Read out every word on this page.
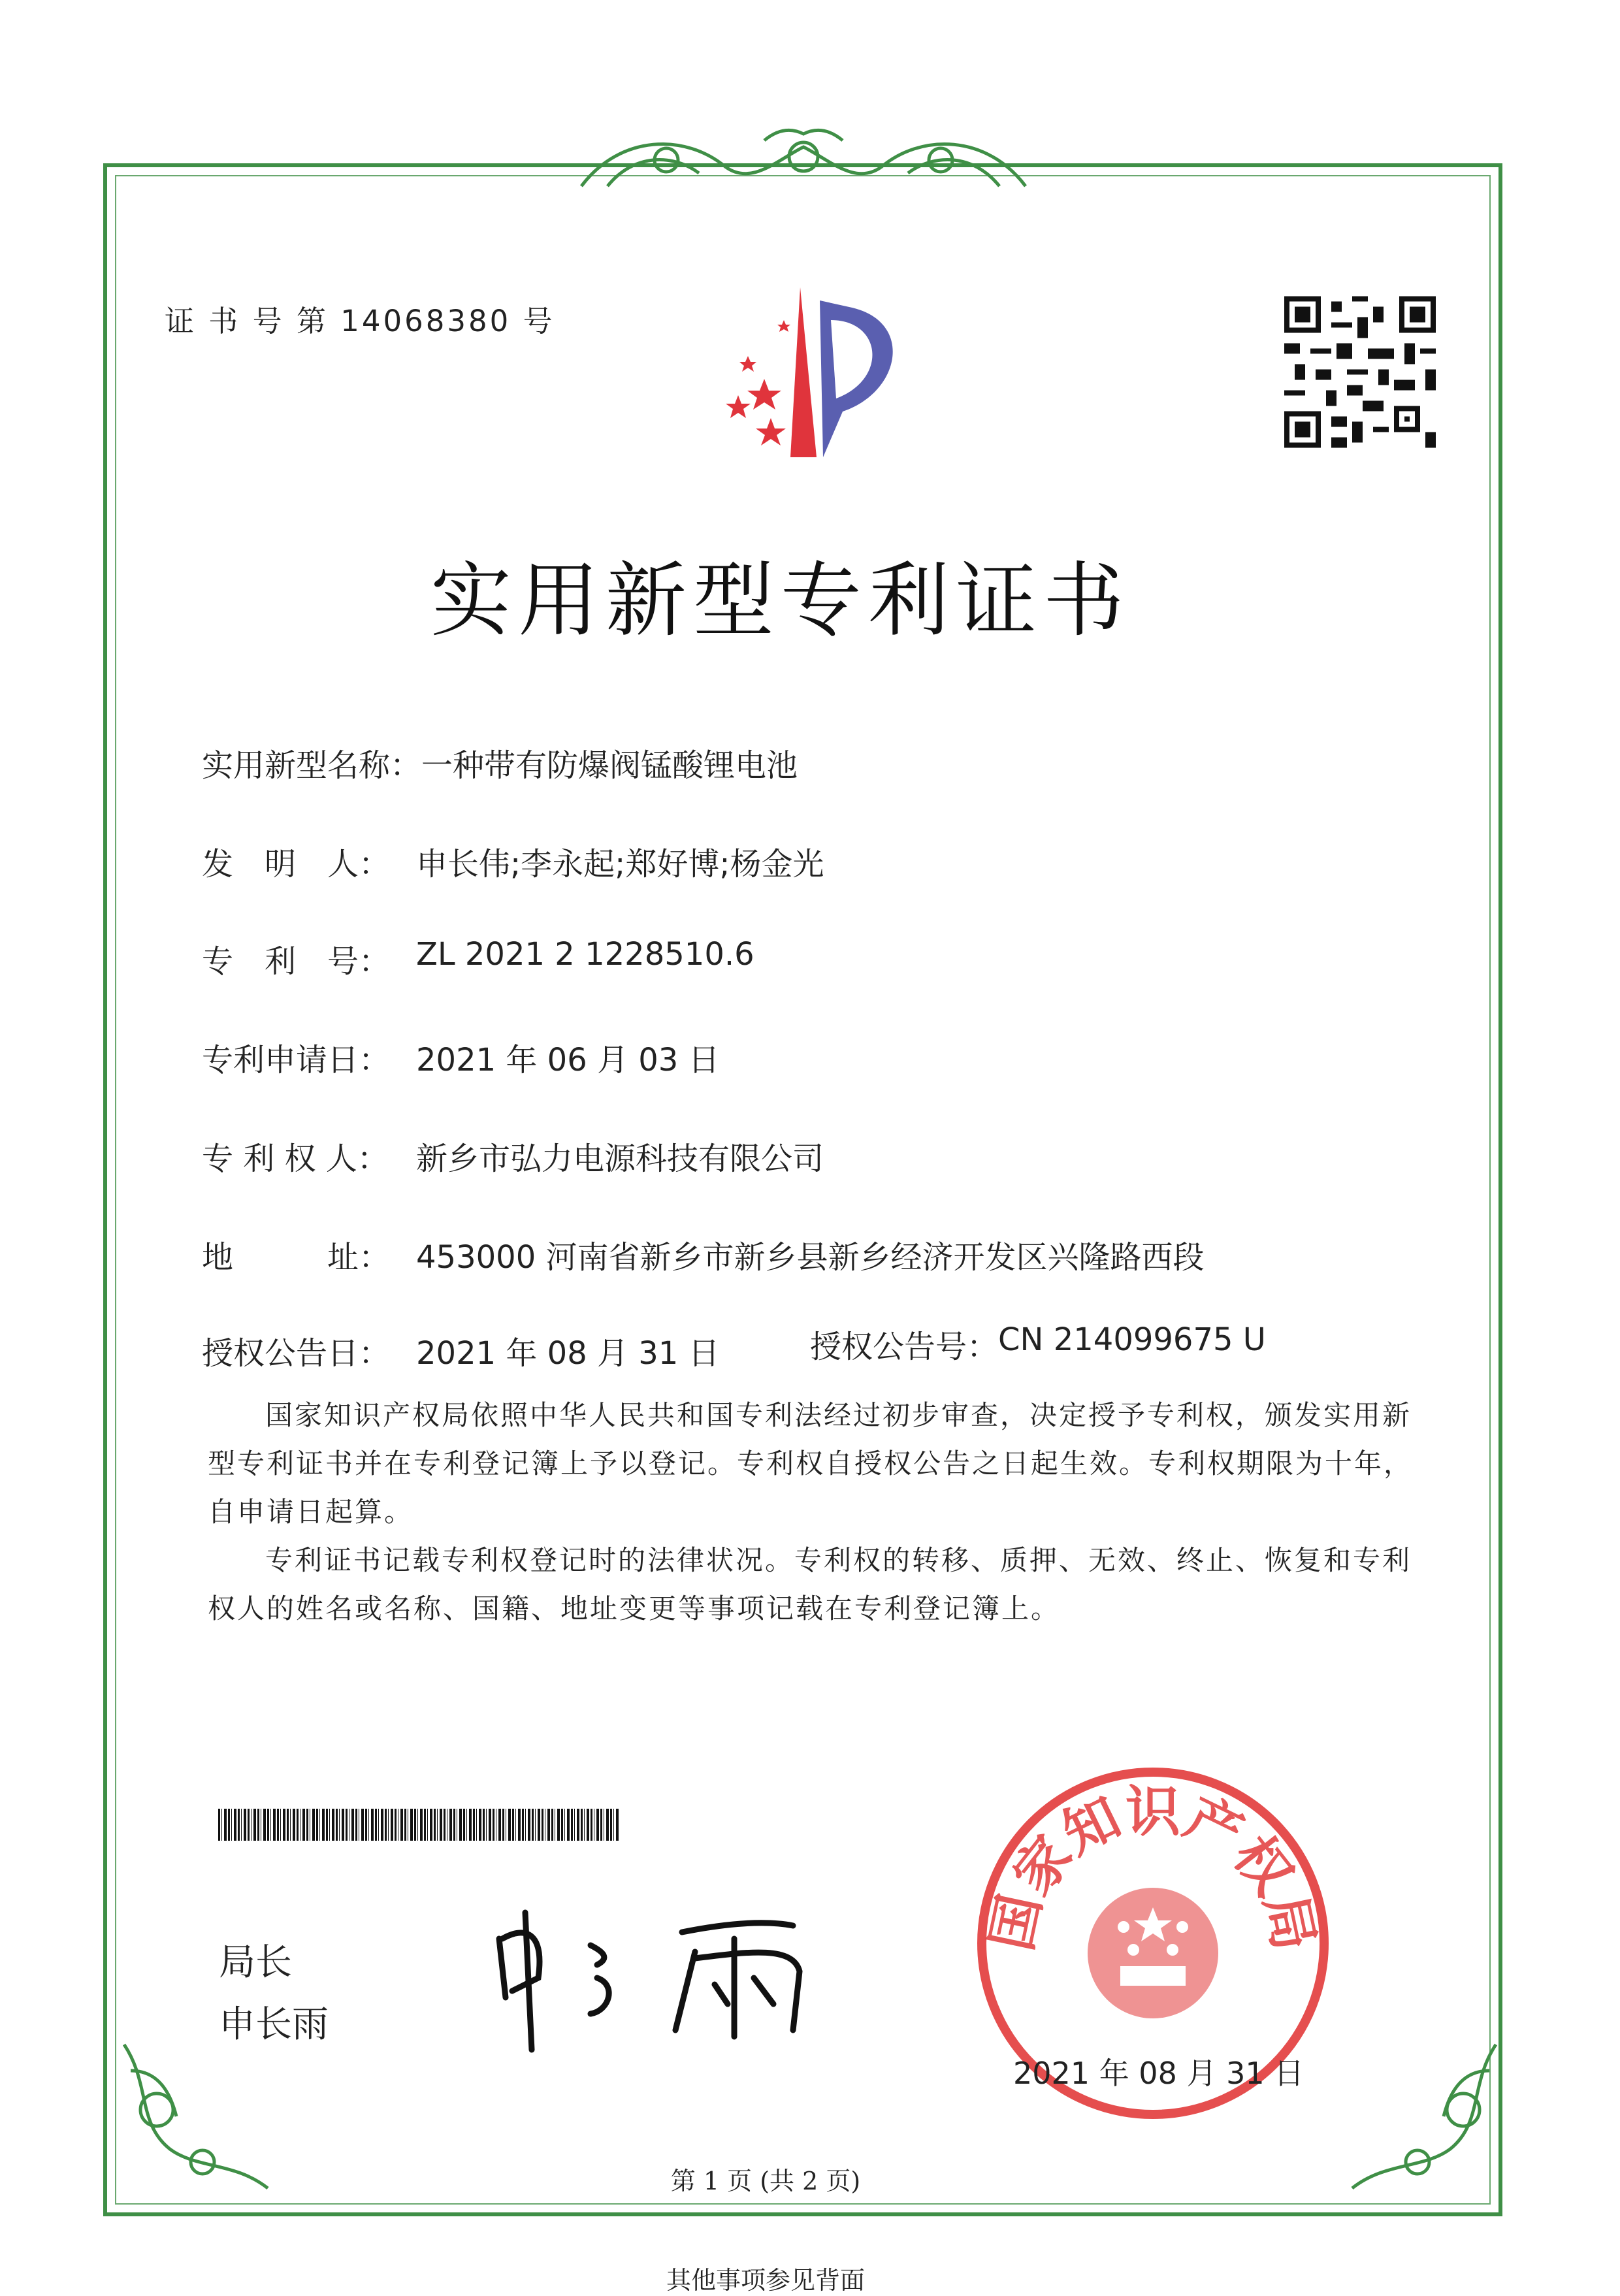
证 书 号 第 14068380 号
实用新型专利证书
实用新型名称： 一种带有防爆阀锰酸锂电池
发　明　人： 申长伟;李永起;郑好博;杨金光
专　利　号： ZL 2021 2 1228510.6
专利申请日： 2021 年 06 月 03 日
专 利 权 人： 新乡市弘力电源科技有限公司
地　　　址： 453000 河南省新乡市新乡县新乡经济开发区兴隆路西段
授权公告日： 2021 年 08 月 31 日	授权公告号： CN 214099675 U

国家知识产权局依照中华人民共和国专利法经过初步审查，决定授予专利权，颁发实用新型专利证书并在专利登记簿上予以登记。专利权自授权公告之日起生效。专利权期限为十年，自申请日起算。

专利证书记载专利权登记时的法律状况。专利权的转移、质押、无效、终止、恢复和专利权人的姓名或名称、国籍、地址变更等事项记载在专利登记簿上。

局长
申长雨
国家知识产权局
2021 年 08 月 31 日
第 1 页 (共 2 页)
其他事项参见背面
